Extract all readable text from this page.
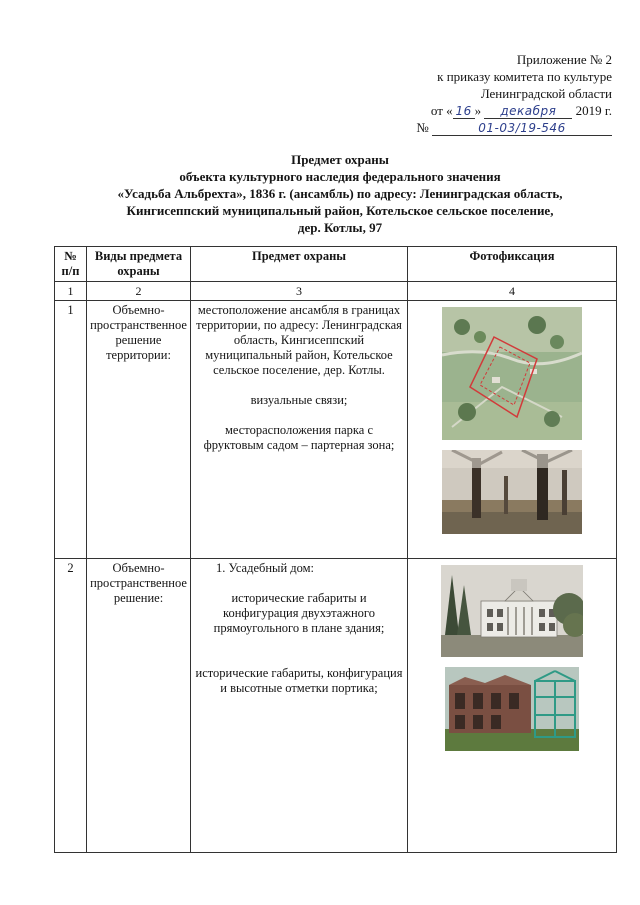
Приложение № 2
к приказу комитета по культуре
Ленинградской области
от « 16 » декабря 2019 г.
№	01-03/19-546
Предмет охраны
объекта культурного наследия федерального значения
«Усадьба Альбрехта», 1836 г. (ансамбль) по адресу: Ленинградская область,
Кингисеппский муниципальный район, Котельское сельское поселение,
дер. Котлы, 97
№ п/п	Виды предмета охраны	Предмет охраны	Фотофиксация
1	2	3	4
1	Объемно-пространственное решение территории:	местоположение ансамбля в границах территории, по адресу: Ленинградская область, Кингисеппский муниципальный район, Котельское сельское поселение, дер. Котлы.
визуальные связи;
месторасположения парка с фруктовым садом – партерная зона;

2	Объемно-пространственное решение:	1. Усадебный дом:
исторические габариты и конфигурация двухэтажного прямоугольного в плане здания;
исторические габариты, конфигурация и высотные отметки портика;
